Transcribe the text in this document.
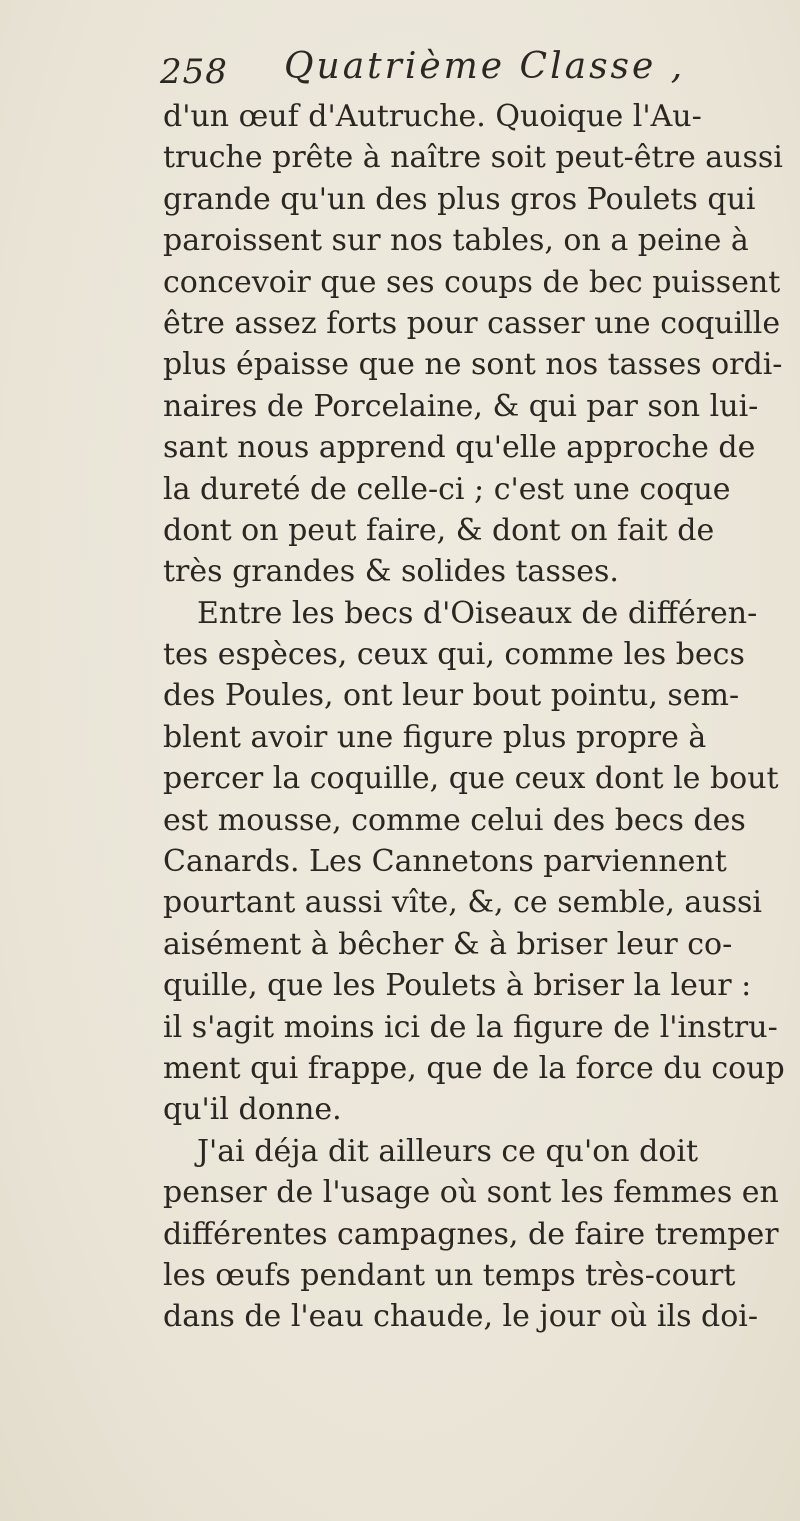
258 Quatrième Classe ,
d'un œuf d'Autruche. Quoique l'Au-
truche prête à naître soit peut-être aussi
grande qu'un des plus gros Poulets qui
paroissent sur nos tables, on a peine à
concevoir que ses coups de bec puissent
être assez forts pour casser une coquille
plus épaisse que ne sont nos tasses ordi-
naires de Porcelaine, & qui par son lui-
sant nous apprend qu'elle approche de
la dureté de celle-ci ; c'est une coque
dont on peut faire, & dont on fait de
très grandes & solides tasses.
Entre les becs d'Oiseaux de différen-
tes espèces, ceux qui, comme les becs
des Poules, ont leur bout pointu, sem-
blent avoir une figure plus propre à
percer la coquille, que ceux dont le bout
est mousse, comme celui des becs des
Canards. Les Cannetons parviennent
pourtant aussi vîte, &, ce semble, aussi
aisément à bêcher & à briser leur co-
quille, que les Poulets à briser la leur :
il s'agit moins ici de la figure de l'instru-
ment qui frappe, que de la force du coup
qu'il donne.
J'ai déja dit ailleurs ce qu'on doit
penser de l'usage où sont les femmes en
différentes campagnes, de faire tremper
les œufs pendant un temps très-court
dans de l'eau chaude, le jour où ils doi-
